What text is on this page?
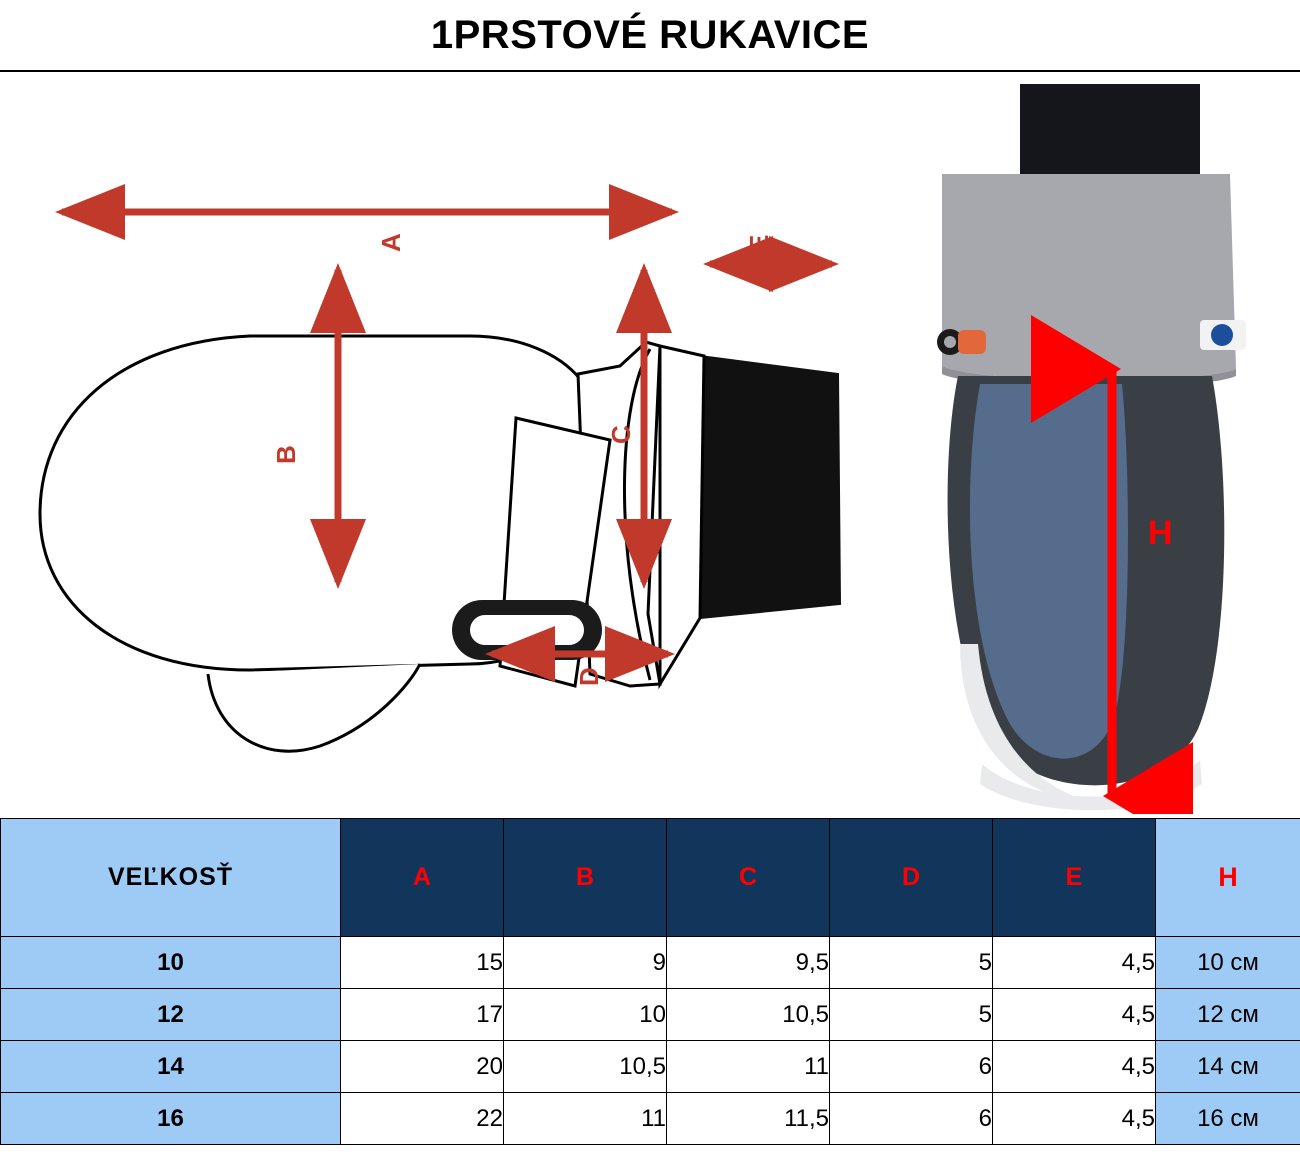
1PRSTOVÉ RUKAVICE
A
B
C
D
E
H
VEĽKOSŤ	A	B	C	D	E	H
10	15	9	9,5	5	4,5	10 см
12	17	10	10,5	5	4,5	12 см
14	20	10,5	11	6	4,5	14 см
16	22	11	11,5	6	4,5	16 см
